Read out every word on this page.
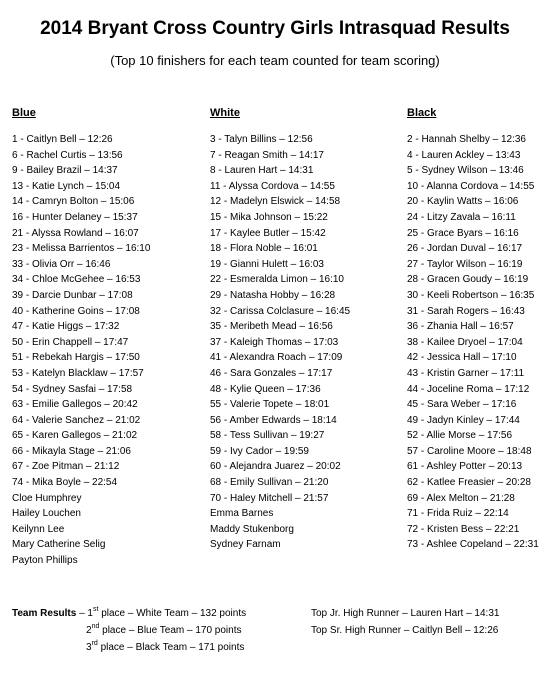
2014 Bryant Cross Country Girls Intrasquad Results

(Top 10 finishers for each team counted for team scoring)

Blue
1 - Caitlyn Bell – 12:26
6 - Rachel Curtis – 13:56
9 - Bailey Brazil – 14:37
13 - Katie Lynch – 15:04
14 - Camryn Bolton – 15:06
16 - Hunter Delaney – 15:37
21 - Alyssa Rowland – 16:07
23 - Melissa Barrientos – 16:10
33 - Olivia Orr – 16:46
34 - Chloe McGehee – 16:53
39 - Darcie Dunbar – 17:08
40 - Katherine Goins – 17:08
47 - Katie Higgs – 17:32
50 - Erin Chappell – 17:47
51 - Rebekah Hargis – 17:50
53 - Katelyn Blacklaw – 17:57
54 - Sydney Sasfai – 17:58
63 - Emilie Gallegos – 20:42
64 - Valerie Sanchez – 21:02
65 - Karen Gallegos – 21:02
66 - Mikayla Stage – 21:06
67 - Zoe Pitman – 21:12
74 - Mika Boyle – 22:54
Cloe Humphrey
Hailey Louchen
Keilynn Lee
Mary Catherine Selig
Payton Phillips
White
3 - Talyn Billins – 12:56
7 - Reagan Smith – 14:17
8 - Lauren Hart – 14:31
11 - Alyssa Cordova – 14:55
12 - Madelyn Elswick – 14:58
15 - Mika Johnson – 15:22
17 - Kaylee Butler – 15:42
18 - Flora Noble – 16:01
19 - Gianni Hulett – 16:03
22 - Esmeralda Limon – 16:10
29 - Natasha Hobby – 16:28
32 - Carissa Colclasure – 16:45
35 - Meribeth Mead – 16:56
37 - Kaleigh Thomas – 17:03
41 - Alexandra Roach – 17:09
46 - Sara Gonzales – 17:17
48 - Kylie Queen – 17:36
55 - Valerie Topete – 18:01
56 - Amber Edwards – 18:14
58 - Tess Sullivan – 19:27
59 - Ivy Cador – 19:59
60 - Alejandra Juarez – 20:02
68 - Emily Sullivan – 21:20
70 - Haley Mitchell – 21:57
Emma Barnes
Maddy Stukenborg
Sydney Farnam
Black
2 - Hannah Shelby – 12:36
4 - Lauren Ackley – 13:43
5 - Sydney Wilson – 13:46
10 - Alanna Cordova – 14:55
20 - Kaylin Watts – 16:06
24 - Litzy Zavala – 16:11
25 - Grace Byars – 16:16
26 - Jordan Duval – 16:17
27 - Taylor Wilson – 16:19
28 - Gracen Goudy – 16:19
30 - Keeli Robertson – 16:35
31 - Sarah Rogers – 16:43
36 - Zhania Hall – 16:57
38 - Kailee Dryoel – 17:04
42 - Jessica Hall – 17:10
43 - Kristin Garner – 17:11
44 - Joceline Roma – 17:12
45 - Sara Weber – 17:16
49 - Jadyn Kinley – 17:44
52 - Allie Morse – 17:56
57 - Caroline Moore – 18:48
61 - Ashley Potter – 20:13
62 - Katlee Freasier – 20:28
69 - Alex Melton – 21:28
71 - Frida Ruiz – 22:14
72 - Kristen Bess – 22:21
73 - Ashlee Copeland – 22:31
Team Results – 1st place – White Team – 132 points
2nd place – Blue Team – 170 points
3rd place – Black Team – 171 points
Top Jr. High Runner – Lauren Hart – 14:31
Top Sr. High Runner – Caitlyn Bell – 12:26
